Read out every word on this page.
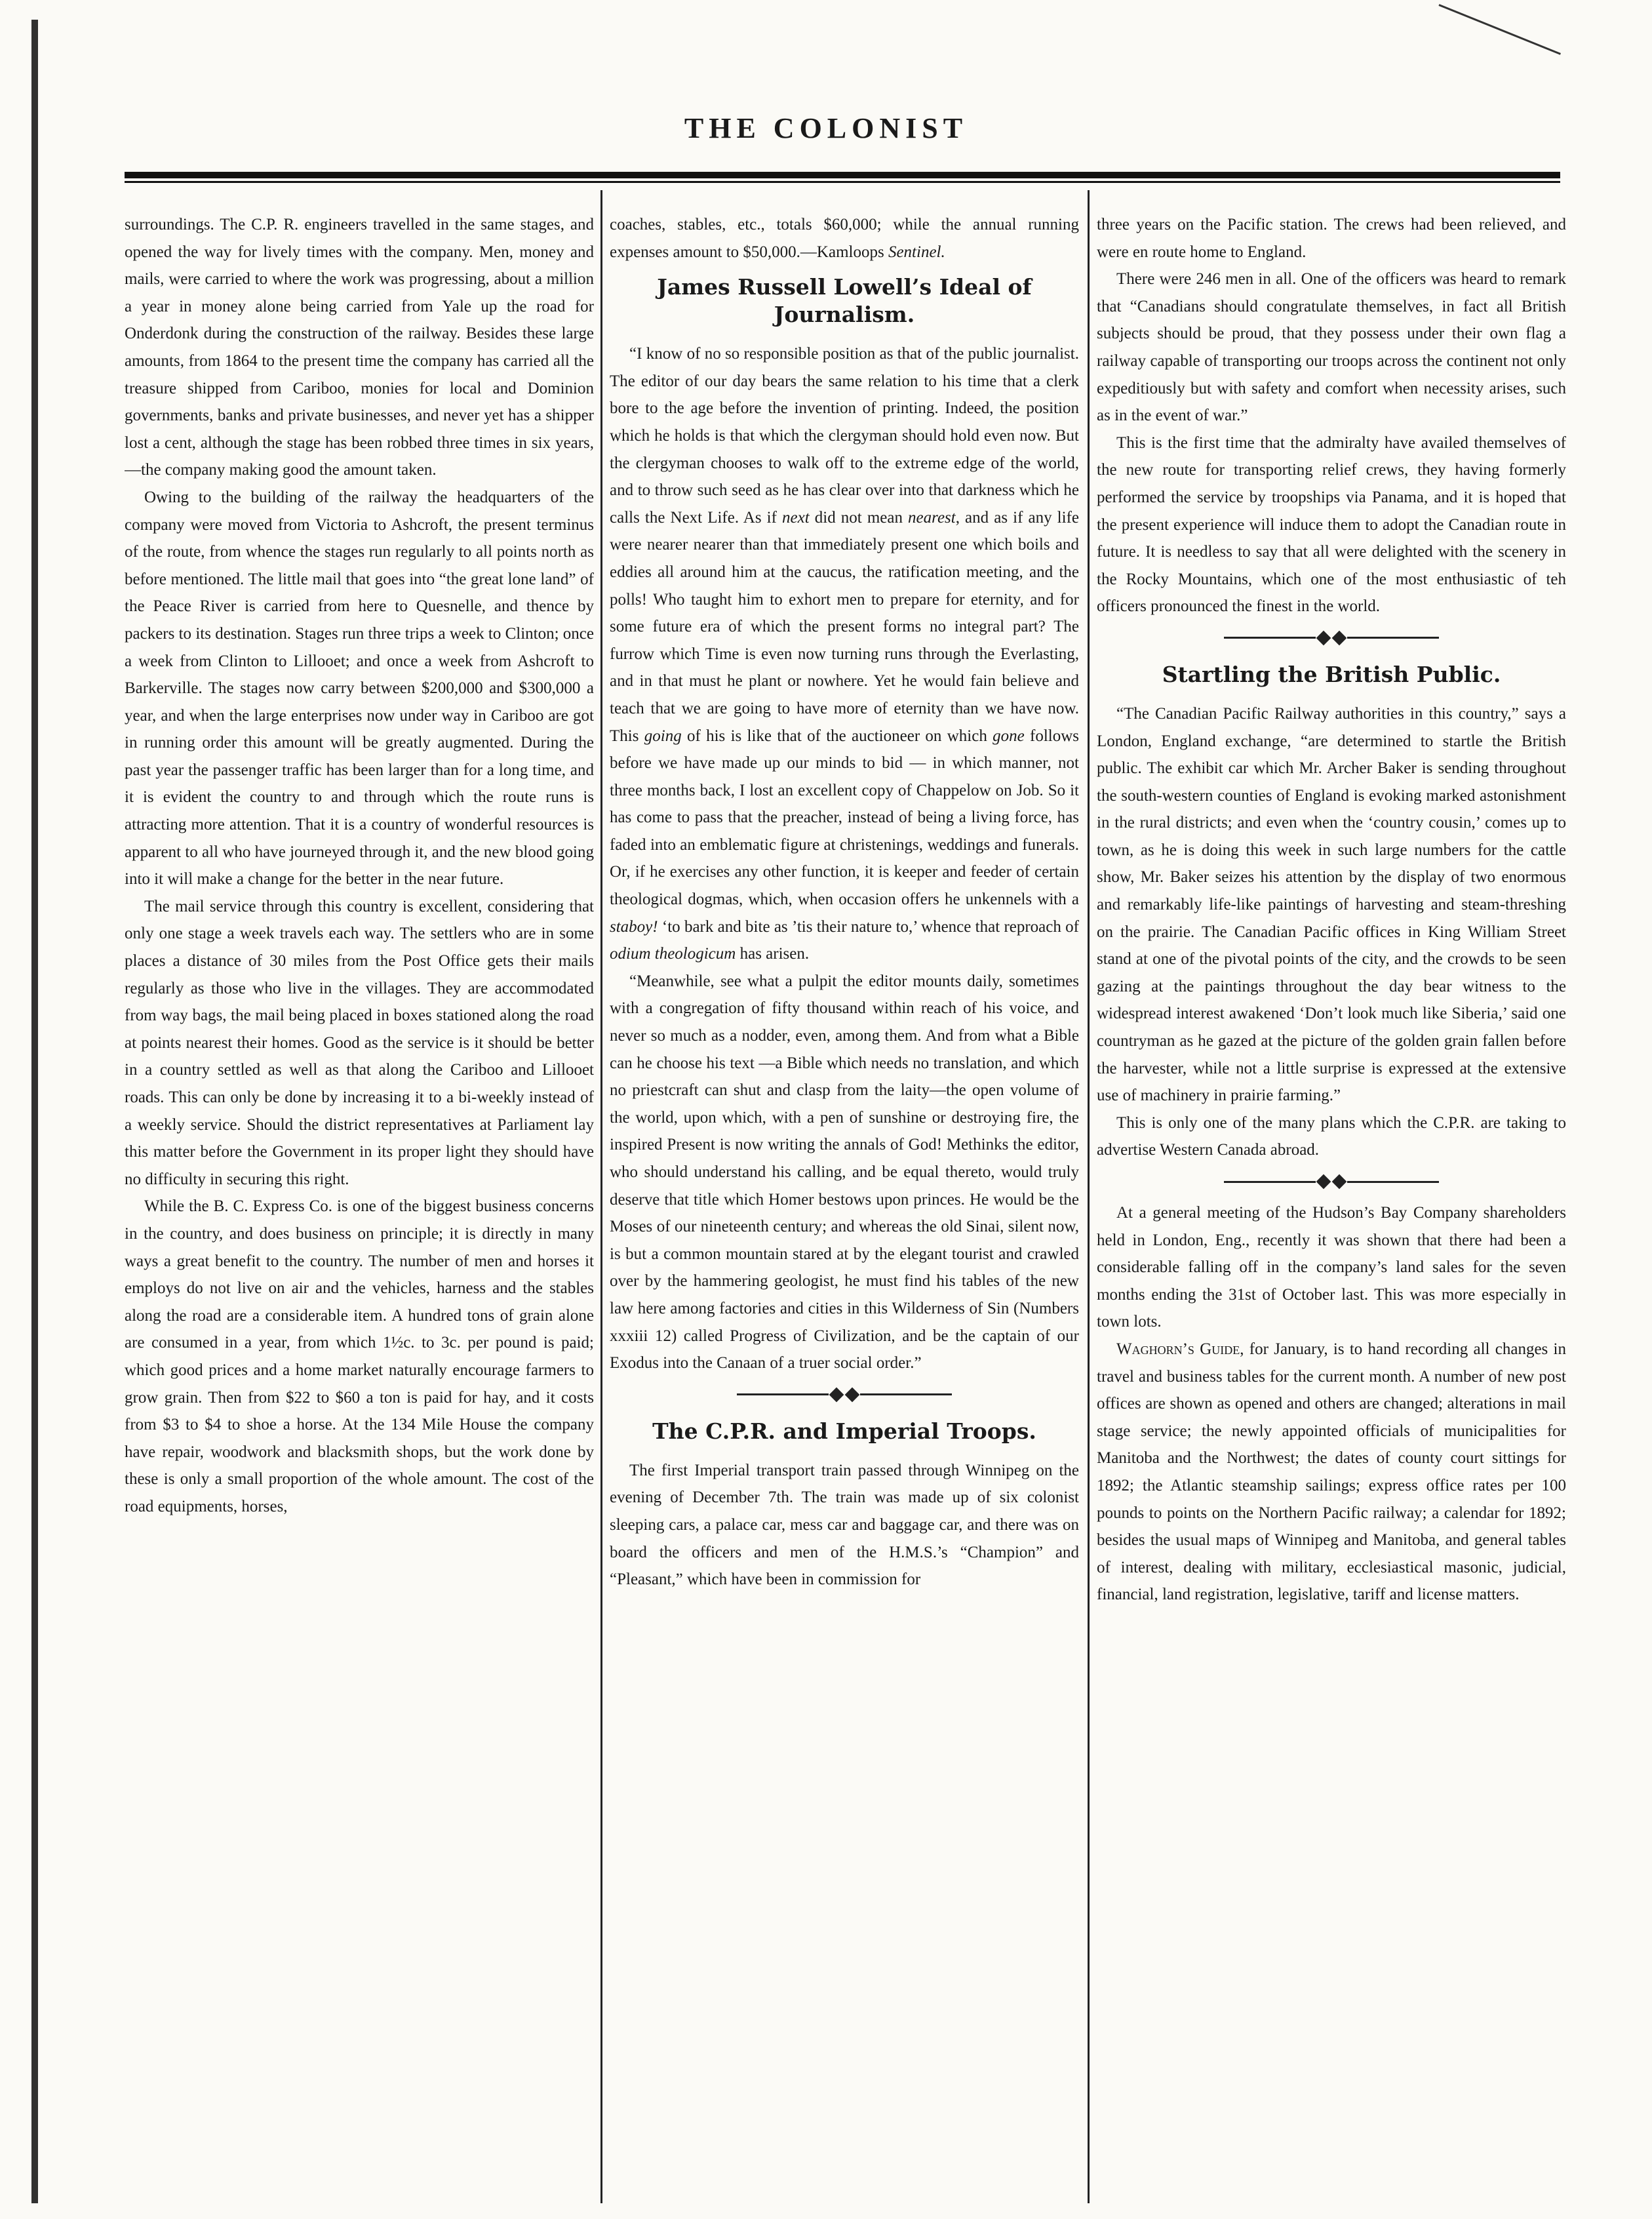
THE COLONIST

surroundings. The C.P. R. engineers travelled in the same stages, and opened the way for lively times with the company. Men, money and mails, were carried to where the work was progressing, about a million a year in money alone being carried from Yale up the road for Onderdonk during the construction of the railway. Besides these large amounts, from 1864 to the present time the company has carried all the treasure shipped from Cariboo, monies for local and Dominion governments, banks and private businesses, and never yet has a shipper lost a cent, although the stage has been robbed three times in six years,—the company making good the amount taken.

Owing to the building of the railway the headquarters of the company were moved from Victoria to Ashcroft, the present terminus of the route, from whence the stages run regularly to all points north as before mentioned. The little mail that goes into “the great lone land” of the Peace River is carried from here to Quesnelle, and thence by packers to its destination. Stages run three trips a week to Clinton; once a week from Clinton to Lillooet; and once a week from Ashcroft to Barkerville. The stages now carry between $200,000 and $300,000 a year, and when the large enterprises now under way in Cariboo are got in running order this amount will be greatly augmented. During the past year the passenger traffic has been larger than for a long time, and it is evident the country to and through which the route runs is attracting more attention. That it is a country of wonderful resources is apparent to all who have journeyed through it, and the new blood going into it will make a change for the better in the near future.

The mail service through this country is excellent, considering that only one stage a week travels each way. The settlers who are in some places a distance of 30 miles from the Post Office gets their mails regularly as those who live in the villages. They are accommodated from way bags, the mail being placed in boxes stationed along the road at points nearest their homes. Good as the service is it should be better in a country settled as well as that along the Cariboo and Lillooet roads. This can only be done by increasing it to a bi-weekly instead of a weekly service. Should the district representatives at Parliament lay this matter before the Government in its proper light they should have no difficulty in securing this right.

While the B. C. Express Co. is one of the biggest business concerns in the country, and does business on principle; it is directly in many ways a great benefit to the country. The number of men and horses it employs do not live on air and the vehicles, harness and the stables along the road are a considerable item. A hundred tons of grain alone are consumed in a year, from which 1½c. to 3c. per pound is paid; which good prices and a home market naturally encourage farmers to grow grain. Then from $22 to $60 a ton is paid for hay, and it costs from $3 to $4 to shoe a horse. At the 134 Mile House the company have repair, woodwork and blacksmith shops, but the work done by these is only a small proportion of the whole amount. The cost of the road equipments, horses,

coaches, stables, etc., totals $60,000; while the annual running expenses amount to $50,000.—Kamloops Sentinel.

James Russell Lowell’s Ideal of Journalism.

“I know of no so responsible position as that of the public journalist. The editor of our day bears the same relation to his time that a clerk bore to the age before the invention of printing. Indeed, the position which he holds is that which the clergyman should hold even now. But the clergyman chooses to walk off to the extreme edge of the world, and to throw such seed as he has clear over into that darkness which he calls the Next Life. As if next did not mean nearest, and as if any life were nearer nearer than that immediately present one which boils and eddies all around him at the caucus, the ratification meeting, and the polls! Who taught him to exhort men to prepare for eternity, and for some future era of which the present forms no integral part? The furrow which Time is even now turning runs through the Everlasting, and in that must he plant or nowhere. Yet he would fain believe and teach that we are going to have more of eternity than we have now. This going of his is like that of the auctioneer on which gone follows before we have made up our minds to bid — in which manner, not three months back, I lost an excellent copy of Chappelow on Job. So it has come to pass that the preacher, instead of being a living force, has faded into an emblematic figure at christenings, weddings and funerals. Or, if he exercises any other function, it is keeper and feeder of certain theological dogmas, which, when occasion offers he unkennels with a staboy! ‘to bark and bite as ’tis their nature to,’ whence that reproach of odium theologicum has arisen.

“Meanwhile, see what a pulpit the editor mounts daily, sometimes with a congregation of fifty thousand within reach of his voice, and never so much as a nodder, even, among them. And from what a Bible can he choose his text —a Bible which needs no translation, and which no priestcraft can shut and clasp from the laity—the open volume of the world, upon which, with a pen of sunshine or destroying fire, the inspired Present is now writing the annals of God! Methinks the editor, who should understand his calling, and be equal thereto, would truly deserve that title which Homer bestows upon princes. He would be the Moses of our nineteenth century; and whereas the old Sinai, silent now, is but a common mountain stared at by the elegant tourist and crawled over by the hammering geologist, he must find his tables of the new law here among factories and cities in this Wilderness of Sin (Numbers xxxiii 12) called Progress of Civilization, and be the captain of our Exodus into the Canaan of a truer social order.”

The C.P.R. and Imperial Troops.

The first Imperial transport train passed through Winnipeg on the evening of December 7th. The train was made up of six colonist sleeping cars, a palace car, mess car and baggage car, and there was on board the officers and men of the H.M.S.’s “Champion” and “Pleasant,” which have been in commission for

three years on the Pacific station. The crews had been relieved, and were en route home to England.

There were 246 men in all. One of the officers was heard to remark that “Canadians should congratulate themselves, in fact all British subjects should be proud, that they possess under their own flag a railway capable of transporting our troops across the continent not only expeditiously but with safety and comfort when necessity arises, such as in the event of war.”

This is the first time that the admiralty have availed themselves of the new route for transporting relief crews, they having formerly performed the service by troopships via Panama, and it is hoped that the present experience will induce them to adopt the Canadian route in future. It is needless to say that all were delighted with the scenery in the Rocky Mountains, which one of the most enthusiastic of teh officers pronounced the finest in the world.

Startling the British Public.

“The Canadian Pacific Railway authorities in this country,” says a London, England exchange, “are determined to startle the British public. The exhibit car which Mr. Archer Baker is sending throughout the south-western counties of England is evoking marked astonishment in the rural districts; and even when the ‘country cousin,’ comes up to town, as he is doing this week in such large numbers for the cattle show, Mr. Baker seizes his attention by the display of two enormous and remarkably life-like paintings of harvesting and steam-threshing on the prairie. The Canadian Pacific offices in King William Street stand at one of the pivotal points of the city, and the crowds to be seen gazing at the paintings throughout the day bear witness to the widespread interest awakened ‘Don’t look much like Siberia,’ said one countryman as he gazed at the picture of the golden grain fallen before the harvester, while not a little surprise is expressed at the extensive use of machinery in prairie farming.”

This is only one of the many plans which the C.P.R. are taking to advertise Western Canada abroad.

At a general meeting of the Hudson’s Bay Company shareholders held in London, Eng., recently it was shown that there had been a considerable falling off in the company’s land sales for the seven months ending the 31st of October last. This was more especially in town lots.

Waghorn’s Guide, for January, is to hand recording all changes in travel and business tables for the current month. A number of new post offices are shown as opened and others are changed; alterations in mail stage service; the newly appointed officials of municipalities for Manitoba and the Northwest; the dates of county court sittings for 1892; the Atlantic steamship sailings; express office rates per 100 pounds to points on the Northern Pacific railway; a calendar for 1892; besides the usual maps of Winnipeg and Manitoba, and general tables of interest, dealing with military, ecclesiastical masonic, judicial, financial, land registration, legislative, tariff and license matters.
